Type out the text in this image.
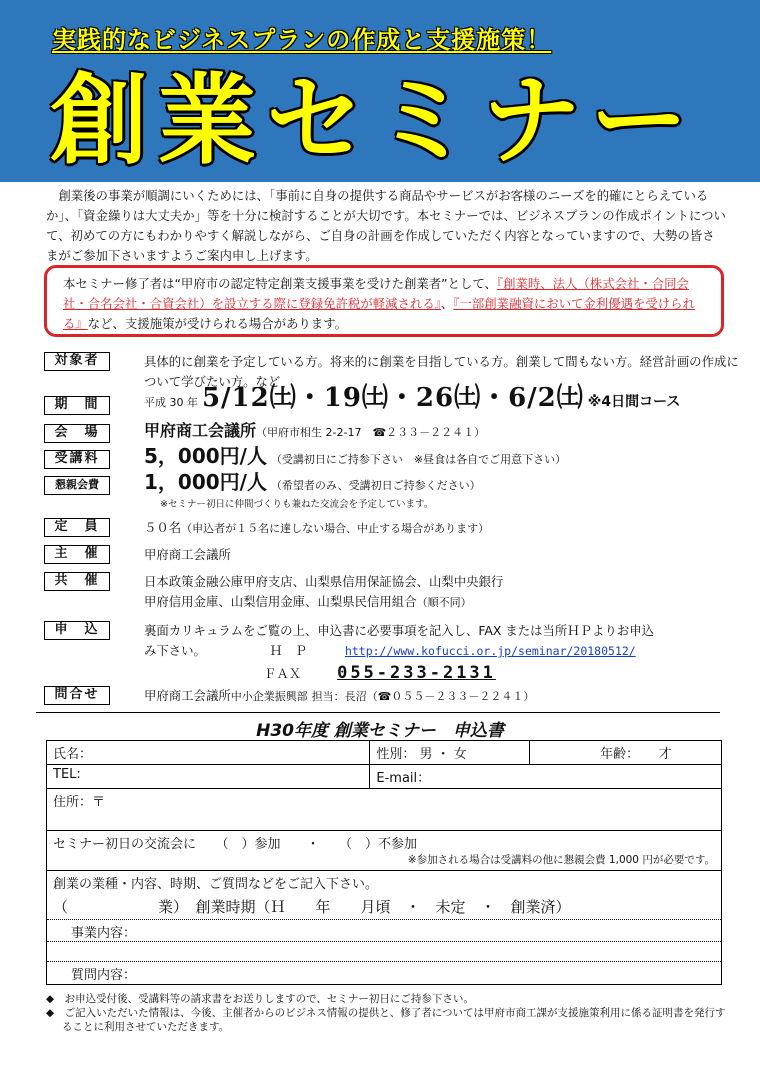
実践的なビジネスプランの作成と支援施策！
創業セミナー

創業後の事業が順調にいくためには、「事前に自身の提供する商品やサービスがお客様のニーズを的確にとらえているか」、「資金繰りは大丈夫か」等を十分に検討することが大切です。本セミナーでは、ビジネスプランの作成ポイントについて、初めての方にもわかりやすく解説しながら、ご自身の計画を作成していただく内容となっていますので、大勢の皆さまがご参加下さいますようご案内申し上げます。

本セミナー修了者は“甲府市の認定特定創業支援事業を受けた創業者”として、『創業時、法人（株式会社・合同会社・合名会社・合資会社）を設立する際に登録免許税が軽減される』、『一部創業融資において金利優遇を受けられる』など、支援施策が受けられる場合があります。
対象者	具体的に創業を予定している方。将来的に創業を目指している方。創業して間もない方。経営計画の作成について学びたい方。など
期　間	平成 30 年 5/12㈯・19㈯・26㈯・6/2㈯ ※4日間コース
会　場	甲府商工会議所（甲府市相生 2-2-17　☎２３３－２２４１）
受講料	5，000円/人 （受講初日にご持参下さい　※昼食は各自でご用意下さい）
懇親会費	1，000円/人 （希望者のみ、受講初日ご持参ください）
※セミナー初日に仲間づくりも兼ねた交流会を予定しています。
定　員	５０名（申込者が１５名に達しない場合、中止する場合があります）
主　催	甲府商工会議所
共　催	日本政策金融公庫甲府支店、山梨県信用保証協会、山梨中央銀行
甲府信用金庫、山梨信用金庫、山梨県民信用組合（順不同）
申　込	裏面カリキュラムをご覧の上、申込書に必要事項を記入し、FAX または当所ＨＰよりお申込
み下さい。	Ｈ　Ｐ	http://www.kofucci.or.jp/seminar/20180512/
ＦＡＸ 055-233-2131
問合せ	甲府商工会議所中小企業振興部 担当：長沼（☎０５５－２３３－２２４１）
H30年度 創業セミナー　申込書
氏名：	性別： 男 ・ 女	年齢：　　才
TEL:	E-mail：	
住所：〒		

セミナー初日の交流会に　　（　）参加　　・　　（　）不参加
※参加される場合は受講料の他に懇親会費 1,000 円が必要です。		

創業の業種・内容、時期、ご質問などをご記入下さい。
（　　　　　　業）　創業時期（Ｈ　　年　　月頃　・　未定　・　創業済）
事業内容：
質問内容：		
◆　お申込受付後、受講料等の請求書をお送りしますので、セミナー初日にご持参下さい。
◆　ご記入いただいた情報は、今後、主催者からのビジネス情報の提供と、修了者については甲府市商工課が支援施策利用に係る証明書を発行することに利用させていただきます。
